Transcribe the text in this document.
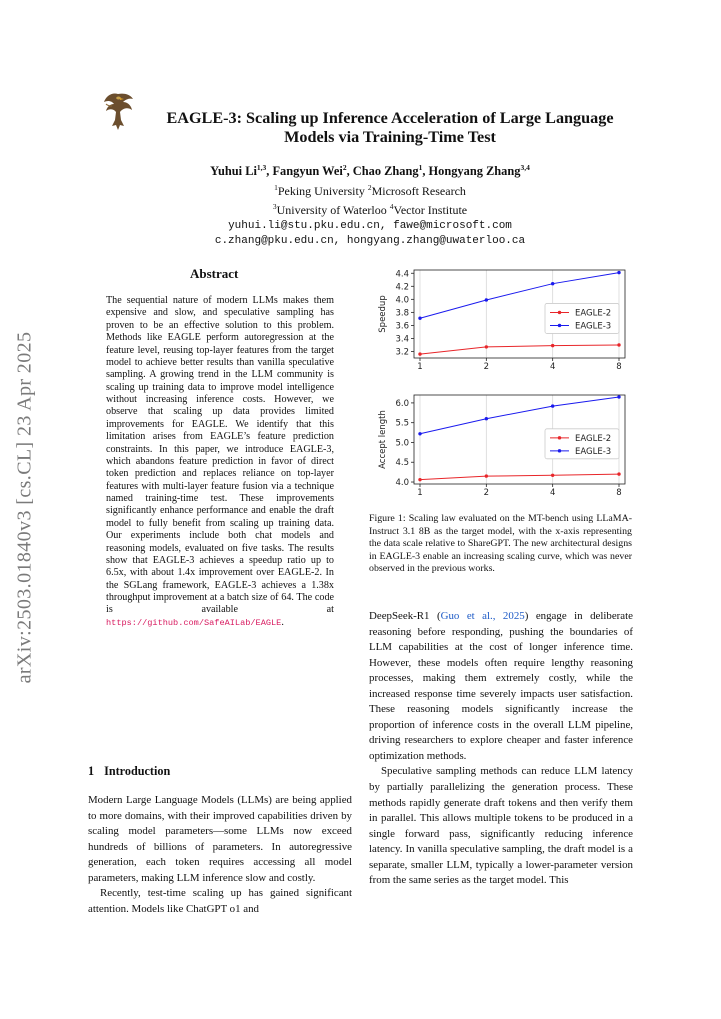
arXiv:2503.01840v3 [cs.CL] 23 Apr 2025
EAGLE-3: Scaling up Inference Acceleration of Large Language Models via Training-Time Test
Yuhui Li$^{1,3}$, Fangyun Wei$^2$, Chao Zhang$^1$, Hongyang Zhang$^{3,4}$
$^1$Peking University $^2$Microsoft Research
$^3$University of Waterloo $^4$Vector Institute
yuhui.li@stu.pku.edu.cn, fawe@microsoft.com
c.zhang@pku.edu.cn, hongyang.zhang@uwaterloo.ca
Abstract
The sequential nature of modern LLMs makes them expensive and slow, and speculative sampling has proven to be an effective solution to this problem. Methods like EAGLE perform autoregression at the feature level, reusing top-layer features from the target model to achieve better results than vanilla speculative sampling. A growing trend in the LLM community is scaling up training data to improve model intelligence without increasing inference costs. However, we observe that scaling up data provides limited improvements for EAGLE. We identify that this limitation arises from EAGLE’s feature prediction constraints. In this paper, we introduce EAGLE-3, which abandons feature prediction in favor of direct token prediction and replaces reliance on top-layer features with multi-layer feature fusion via a technique named training-time test. These improvements significantly enhance performance and enable the draft model to fully benefit from scaling up training data. Our experiments include both chat models and reasoning models, evaluated on five tasks. The results show that EAGLE-3 achieves a speedup ratio up to 6.5x, with about 1.4x improvement over EAGLE-2. In the SGLang framework, EAGLE-3 achieves a 1.38x throughput improvement at a batch size of 64. The code is available at https://github.com/SafeAILab/EAGLE.
1 Introduction

Modern Large Language Models (LLMs) are being applied to more domains, with their improved capabilities driven by scaling model parameters—some LLMs now exceed hundreds of billions of parameters. In autoregressive generation, each token requires accessing all model parameters, making LLM inference slow and costly.

Recently, test-time scaling up has gained significant attention. Models like ChatGPT o1 and

3.2
3.4
3.6
3.8
4.0
4.2
4.4
1	2	4	8
Speedup	EAGLE-2
EAGLE-3
4.0
4.5
5.0
5.5
6.0
1	2	4	8
Accept length	EAGLE-2
EAGLE-3
Figure 1: Scaling law evaluated on the MT-bench using LLaMA-Instruct 3.1 8B as the target model, with the x-axis representing the data scale relative to ShareGPT. The new architectural designs in EAGLE-3 enable an increasing scaling curve, which was never observed in the previous works.

DeepSeek-R1 (Guo et al., 2025) engage in deliberate reasoning before responding, pushing the boundaries of LLM capabilities at the cost of longer inference time. However, these models often require lengthy reasoning processes, making them extremely costly, while the increased response time severely impacts user satisfaction. These reasoning models significantly increase the proportion of inference costs in the overall LLM pipeline, driving researchers to explore cheaper and faster inference optimization methods.

Speculative sampling methods can reduce LLM latency by partially parallelizing the generation process. These methods rapidly generate draft tokens and then verify them in parallel. This allows multiple tokens to be produced in a single forward pass, significantly reducing inference latency. In vanilla speculative sampling, the draft model is a separate, smaller LLM, typically a lower-parameter version from the same series as the target model. This
